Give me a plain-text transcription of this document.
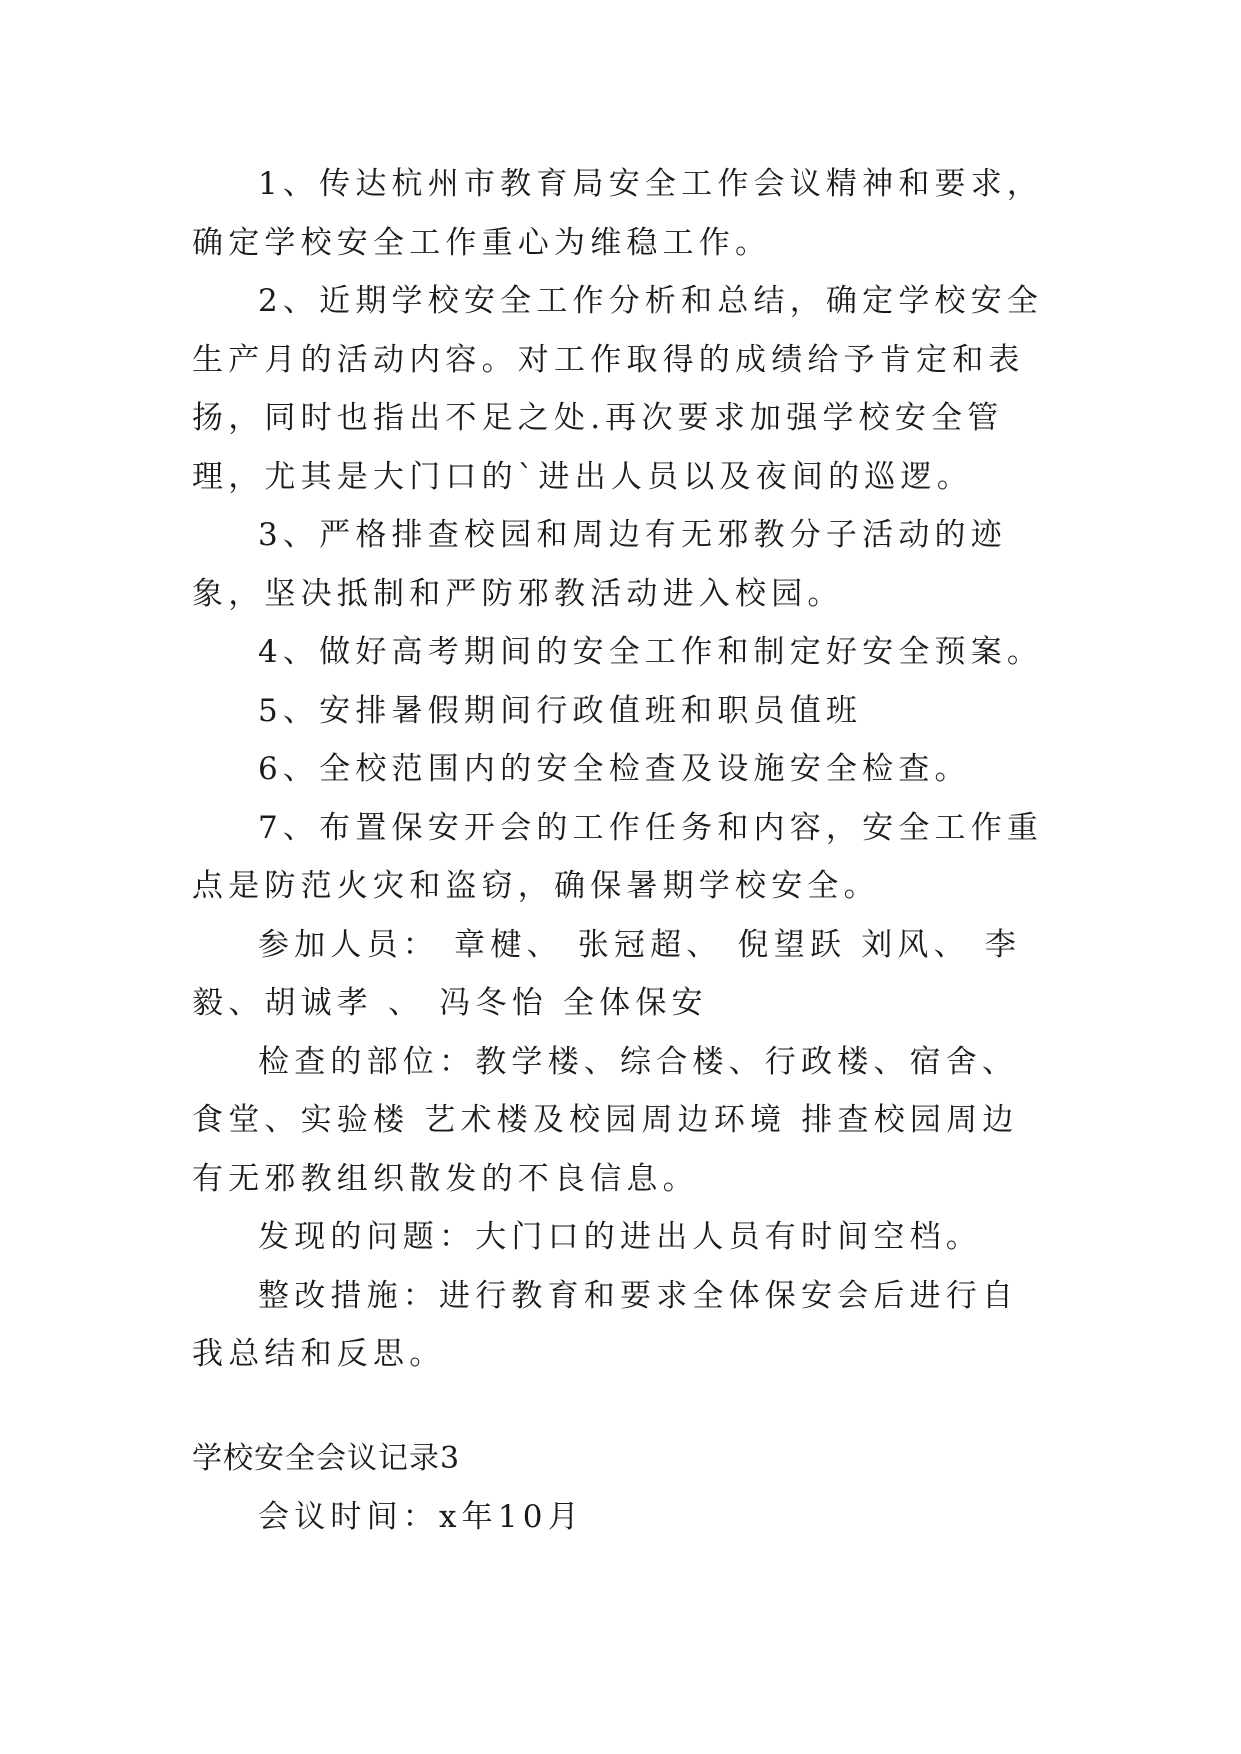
1、传达杭州市教育局安全工作会议精神和要求，确定学校安全工作重心为维稳工作。

2、近期学校安全工作分析和总结，确定学校安全生产月的活动内容。对工作取得的成绩给予肯定和表扬，同时也指出不足之处.再次要求加强学校安全管理，尤其是大门口的`进出人员以及夜间的巡逻。

3、严格排查校园和周边有无邪教分子活动的迹象，坚决抵制和严防邪教活动进入校园。

4、做好高考期间的安全工作和制定好安全预案。

5、安排暑假期间行政值班和职员值班

6、全校范围内的安全检查及设施安全检查。

7、布置保安开会的工作任务和内容，安全工作重点是防范火灾和盗窃，确保暑期学校安全。

参加人员： 章楗、 张冠超、 倪望跃 刘风、 李毅、胡诚孝 、 冯冬怡 全体保安

检查的部位：教学楼、综合楼、行政楼、宿舍、食堂、实验楼 艺术楼及校园周边环境 排查校园周边有无邪教组织散发的不良信息。

发现的问题：大门口的进出人员有时间空档。

整改措施：进行教育和要求全体保安会后进行自我总结和反思。

学校安全会议记录3

会议时间：x年10月
